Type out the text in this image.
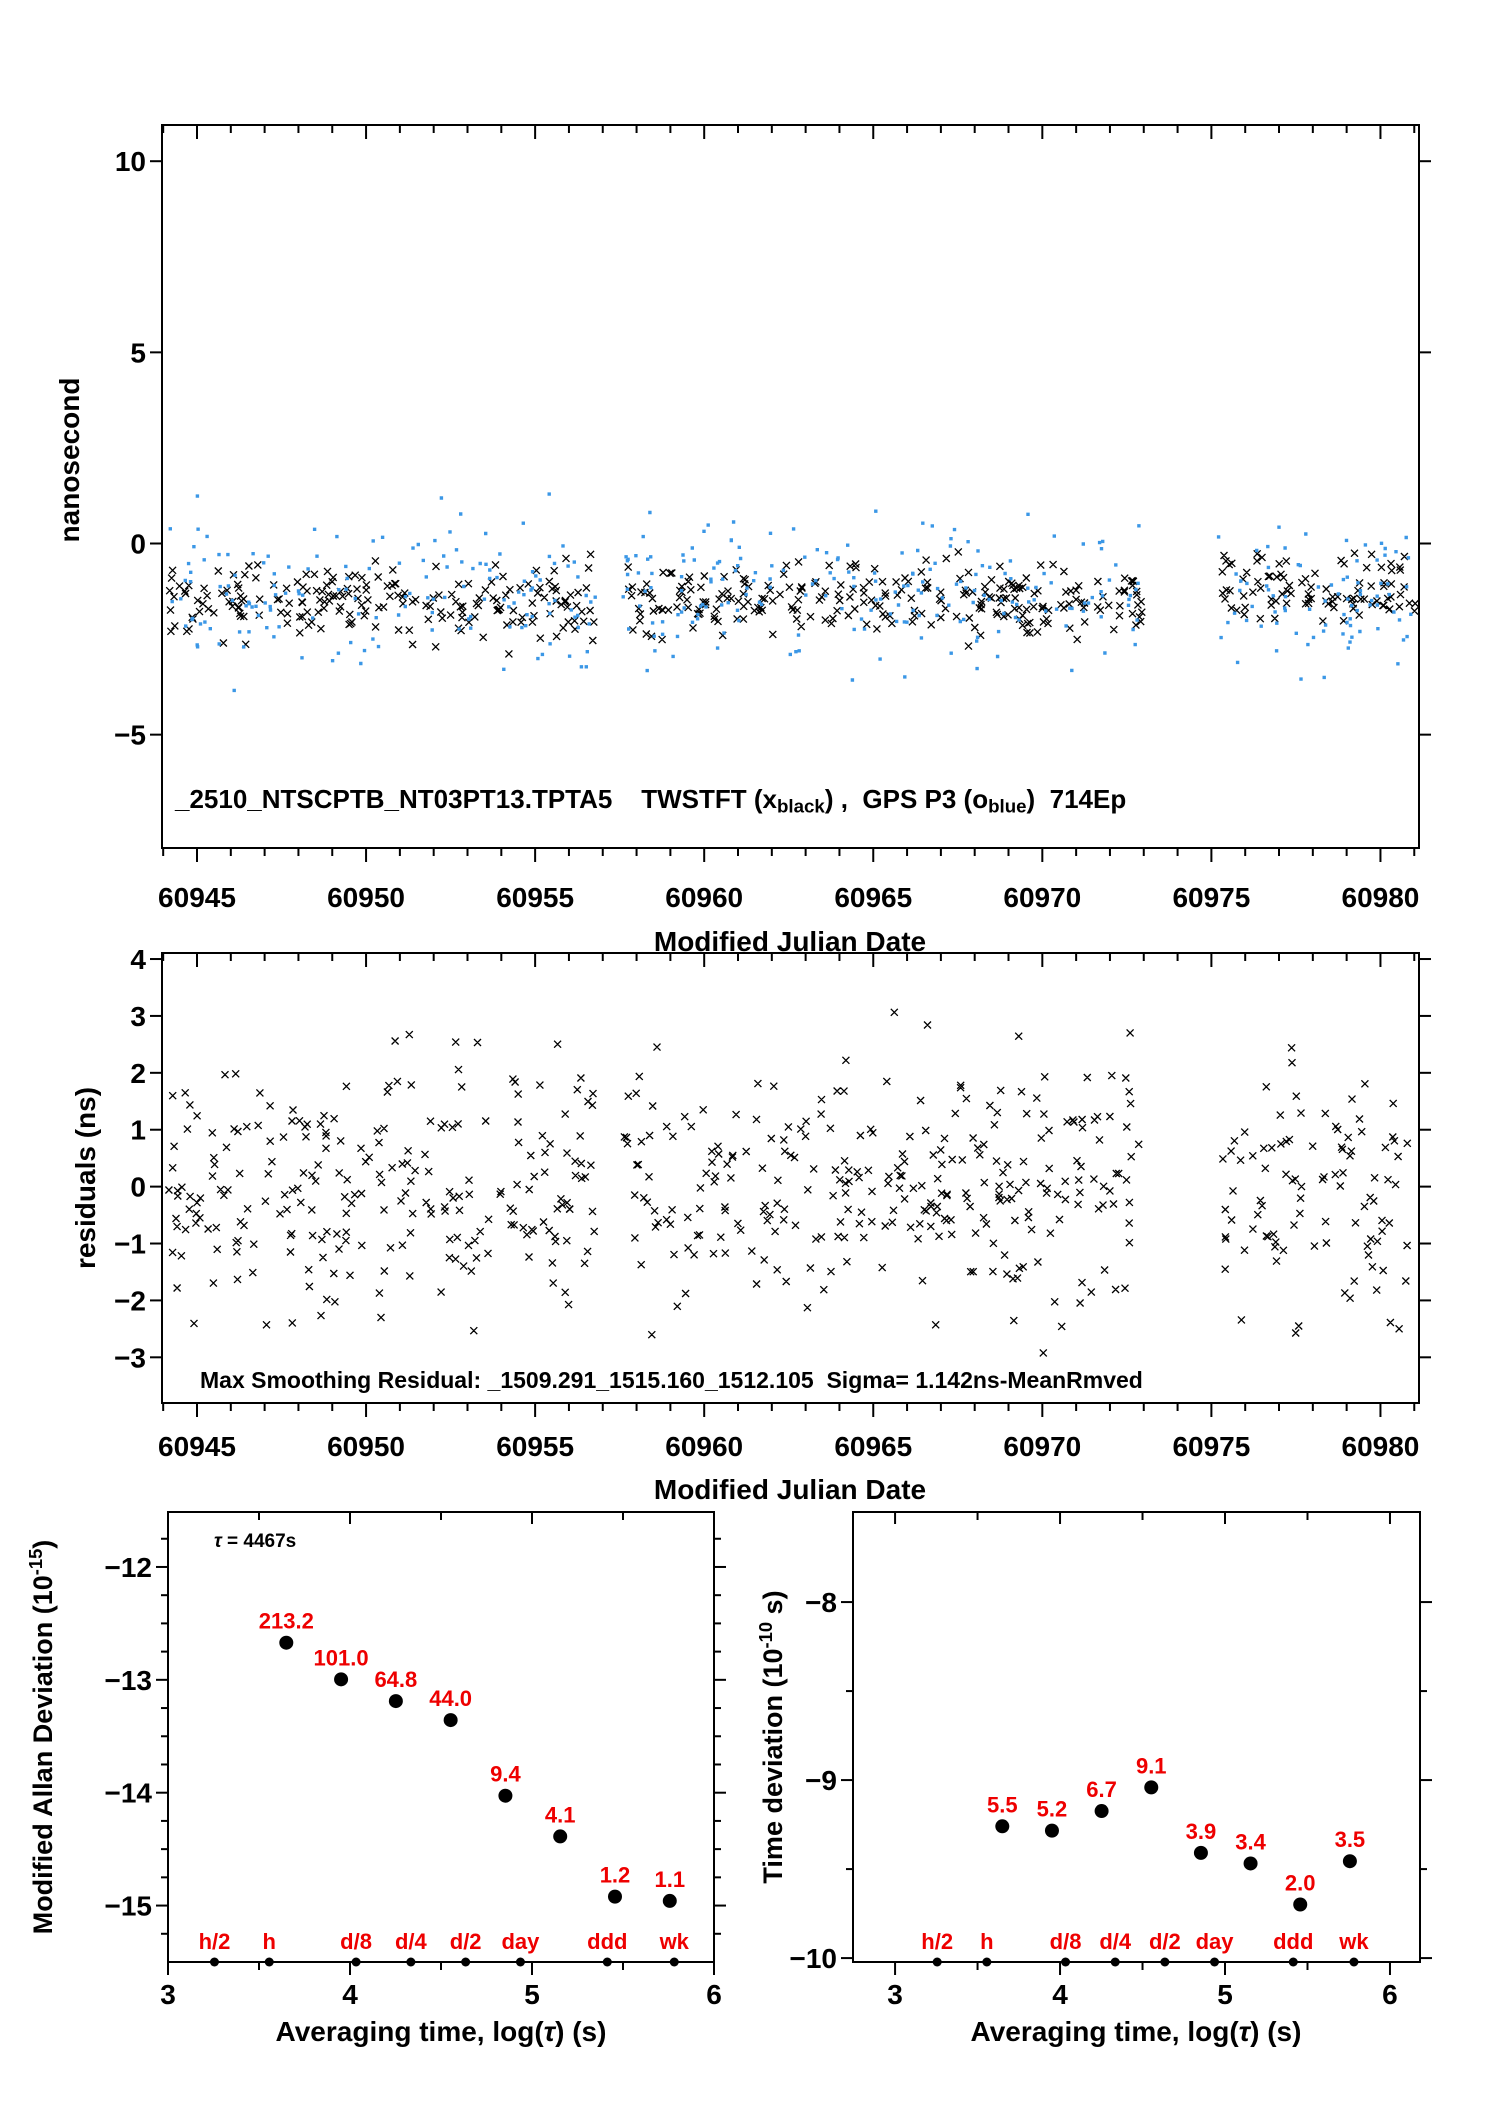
60945	60950	60955	60960	60965	60970	60975	60980
10
5
0
−5
60945	60950	60955	60960	60965	60970	60975	60980
4
3
2
1
0
−1
−2
−3
3	4	5	6
−12
−13
−14
−15
213.2
101.0
64.8
44.0
9.4
4.1
1.2 1.1
h/2 h	d/8 d/4 d/2 day ddd wk
3	4	5	6
−8
−9
−10
5.5 5.2
6.7
9.1
3.9 3.4
2.0
3.5
h/2 h	d/8 d/4 d/2 day ddd wk
_2510_NTSCPTB_NT03PT13.TPTA5    TWSTFT $(x_{black})$ ,  GPS P3 $(o_{blue})$  714Ep
Max Smoothing Residual: _1509.291_1515.160_1512.105  Sigma= 1.142ns-MeanRmved
τ = 4467s
Modified Julian Date
Modified Julian Date
Averaging time, log(τ) (s)	Averaging time, log(τ) (s)
nanosecond
residuals (ns)
Modified Allan Deviation $(10^{-15})$
Time deviation ($10^{-10}$ s)
